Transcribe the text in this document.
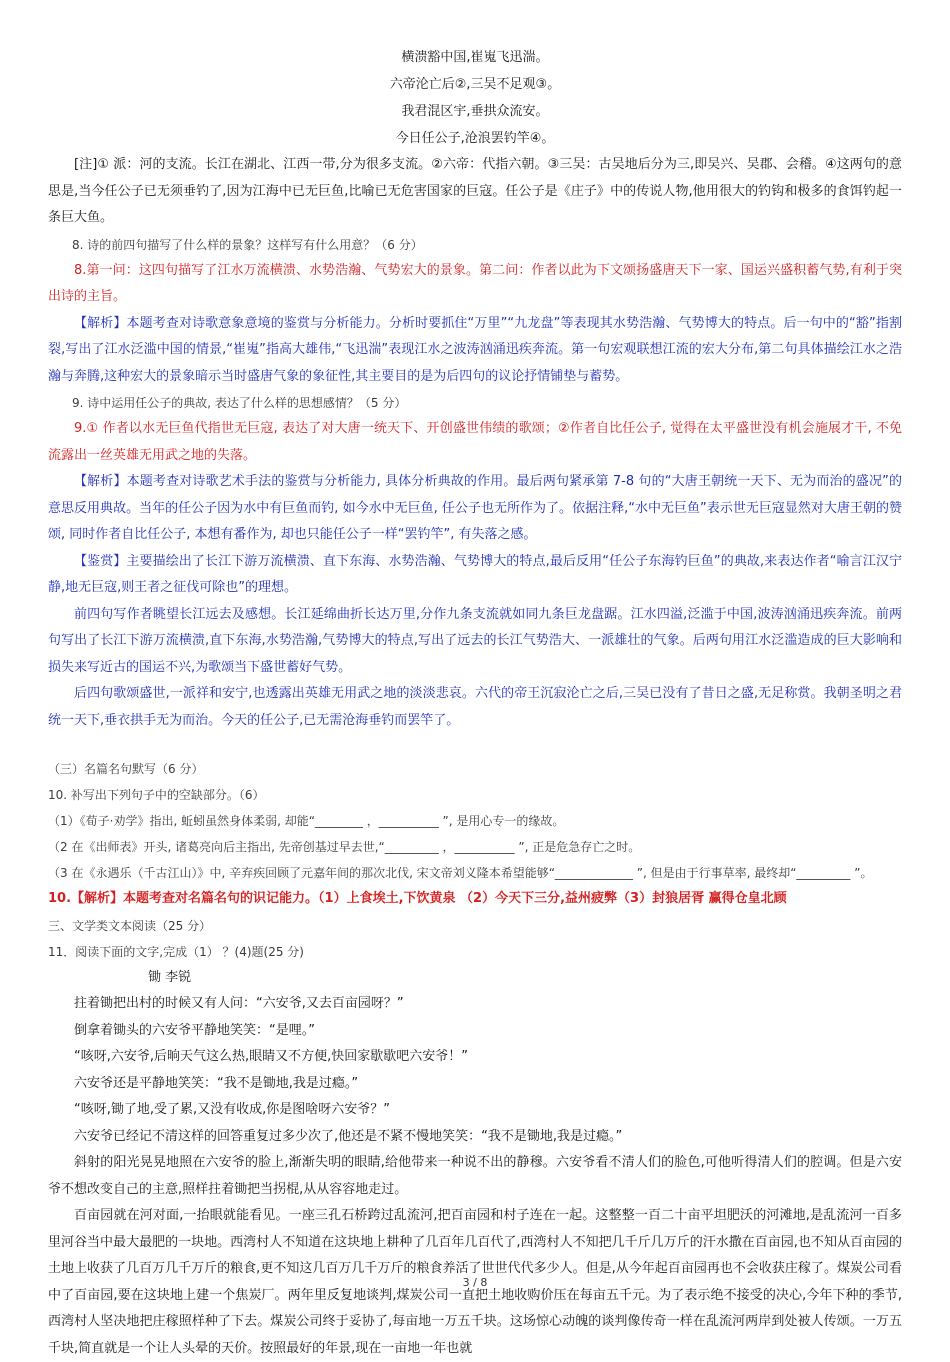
横溃豁中国,崔嵬飞迅湍。
六帝沦亡后②,三吴不足观③。
我君混区宇,垂拱众流安。
今日任公子,沧浪罢钓竿④。

[注]① 派：河的支流。长江在湖北、江西一带,分为很多支流。②六帝：代指六朝。③三吴：古吴地后分为三,即吴兴、吴郡、会稽。④这两句的意思是,当今任公子已无须垂钓了,因为江海中已无巨鱼,比喻已无危害国家的巨寇。任公子是《庄子》中的传说人物,他用很大的钓钩和极多的食饵钓起一条巨大鱼。

8. 诗的前四句描写了什么样的景象？这样写有什么用意？（6 分）

8.第一问：这四句描写了江水万流横溃、水势浩瀚、气势宏大的景象。第二问：作者以此为下文颂扬盛唐天下一家、国运兴盛积蓄气势,有利于突出诗的主旨。

【解析】本题考查对诗歌意象意境的鉴赏与分析能力。分析时要抓住“万里”“九龙盘”等表现其水势浩瀚、气势博大的特点。后一句中的“豁”指割裂,写出了江水泛滥中国的情景,“崔嵬”指高大雄伟,“飞迅湍”表现江水之波涛汹涌迅疾奔流。第一句宏观联想江流的宏大分布,第二句具体描绘江水之浩瀚与奔腾,这种宏大的景象暗示当时盛唐气象的象征性,其主要目的是为后四句的议论抒情铺垫与蓄势。

9. 诗中运用任公子的典故, 表达了什么样的思想感情？（5 分）

9.① 作者以水无巨鱼代指世无巨寇, 表达了对大唐一统天下、开创盛世伟绩的歌颂；②作者自比任公子, 觉得在太平盛世没有机会施展才干, 不免流露出一丝英雄无用武之地的失落。

【解析】本题考查对诗歌艺术手法的鉴赏与分析能力, 具体分析典故的作用。最后两句紧承第 7-8 句的“大唐王朝统一天下、无为而治的盛况”的意思反用典故。当年的任公子因为水中有巨鱼而钓, 如今水中无巨鱼, 任公子也无所作为了。依据注释,“水中无巨鱼”表示世无巨寇显然对大唐王朝的赞颂, 同时作者自比任公子, 本想有番作为, 却也只能任公子一样“罢钓竿”, 有失落之感。

【鉴赏】主要描绘出了长江下游万流横溃、直下东海、水势浩瀚、气势博大的特点,最后反用“任公子东海钓巨鱼”的典故,来表达作者“喻言江汉宁静,地无巨寇,则王者之征伐可除也”的理想。

前四句写作者眺望长江远去及感想。长江延绵曲折长达万里,分作九条支流就如同九条巨龙盘踞。江水四溢,泛滥于中国,波涛汹涌迅疾奔流。前两句写出了长江下游万流横溃,直下东海,水势浩瀚,气势博大的特点,写出了远去的长江气势浩大、一派雄壮的气象。后两句用江水泛滥造成的巨大影响和损失来写近古的国运不兴,为歌颂当下盛世蓄好气势。

后四句歌颂盛世,一派祥和安宁,也透露出英雄无用武之地的淡淡悲哀。六代的帝王沉寂沦亡之后,三吴已没有了昔日之盛,无足称赏。我朝圣明之君统一天下,垂衣拱手无为而治。今天的任公子,已无需沧海垂钓而罢竿了。

（三）名篇名句默写（6 分）

10. 补写出下列句子中的空缺部分。（6）

（1）《荀子·劝学》指出, 蚯蚓虽然身体柔弱, 却能“________ ，__________ ”, 是用心专一的缘故。

（2 在《出师表》开头, 诸葛亮向后主指出, 先帝创基过早去世,“_________ ，__________ ”, 正是危急存亡之时。

（3 在《永遇乐（千古江山）》中, 辛弃疾回顾了元嘉年间的那次北伐, 宋文帝刘义隆本希望能够“_____________ ”, 但是由于行事草率, 最终却“_________ ”。

10.【解析】本题考查对名篇名句的识记能力。（1）上食埃土,下饮黄泉 （2）今天下三分,益州疲弊（3）封狼居胥 赢得仓皇北顾

三、文学类文本阅读（25 分）

11．阅读下面的文字,完成（1） ？(4)题(25 分)

锄 李锐

拄着锄把出村的时候又有人问：“六安爷,又去百亩园呀？”

倒拿着锄头的六安爷平静地笑笑：“是哩。”

“咳呀,六安爷,后晌天气这么热,眼睛又不方便,快回家歇歇吧六安爷！”

六安爷还是平静地笑笑：“我不是锄地,我是过瘾。”

“咳呀,锄了地,受了累,又没有收成,你是图啥呀六安爷？”

六安爷已经记不清这样的回答重复过多少次了,他还是不紧不慢地笑笑：“我不是锄地,我是过瘾。”

斜射的阳光晃晃地照在六安爷的脸上,渐渐失明的眼睛,给他带来一种说不出的静穆。六安爷看不清人们的脸色,可他听得清人们的腔调。但是六安爷不想改变自己的主意,照样拄着锄把当拐棍,从从容容地走过。

百亩园就在河对面,一抬眼就能看见。一座三孔石桥跨过乱流河,把百亩园和村子连在一起。这整整一百二十亩平坦肥沃的河滩地,是乱流河一百多里河谷当中最大最肥的一块地。西湾村人不知道在这块地上耕种了几百年几百代了,西湾村人不知把几千斤几万斤的汗水撒在百亩园,也不知从百亩园的土地上收获了几百万几千万斤的粮食,更不知这几百万几千万斤的粮食养活了世世代代多少人。但是,从今年起百亩园再也不会收获庄稼了。煤炭公司看中了百亩园,要在这块地上建一个焦炭厂。两年里反复地谈判,煤炭公司一直把土地收购价压在每亩五千元。为了表示绝不接受的决心,今年下种的季节,西湾村人坚决地把庄稼照样种了下去。煤炭公司终于妥协了,每亩地一万五千块。这场惊心动魄的谈判像传奇一样在乱流河两岸到处被人传颂。一万五千块,简直就是一个让人头晕的天价。按照最好的年景,现在一亩地一年也就

3 / 8
